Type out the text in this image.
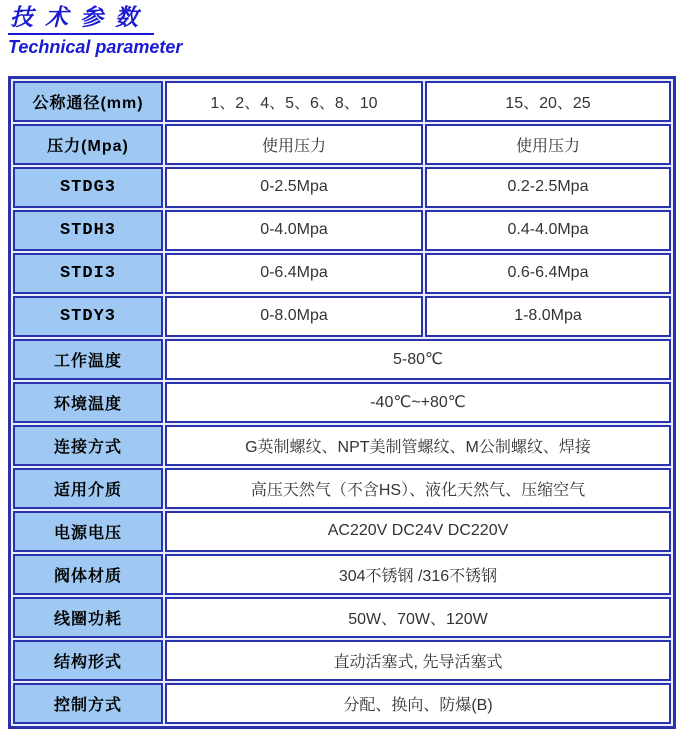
技 术 参 数
Technical parameter
公称通径(mm)	1、2、4、5、6、8、10	15、20、25
压力(Mpa)	使用压力	使用压力
STDG3	0-2.5Mpa	0.2-2.5Mpa
STDH3	0-4.0Mpa	0.4-4.0Mpa
STDI3	0-6.4Mpa	0.6-6.4Mpa
STDY3	0-8.0Mpa	1-8.0Mpa
工作温度	5-80℃	
环境温度	-40℃~+80℃	
连接方式	G英制螺纹、NPT美制管螺纹、M公制螺纹、焊接	
适用介质	高压天然气（不含HS）、液化天然气、压缩空气	
电源电压	AC220V DC24V DC220V	
阀体材质	304不锈钢 /316不锈钢	
线圈功耗	50W、70W、120W	
结构形式	直动活塞式, 先导活塞式	
控制方式	分配、换向、防爆(B)	
